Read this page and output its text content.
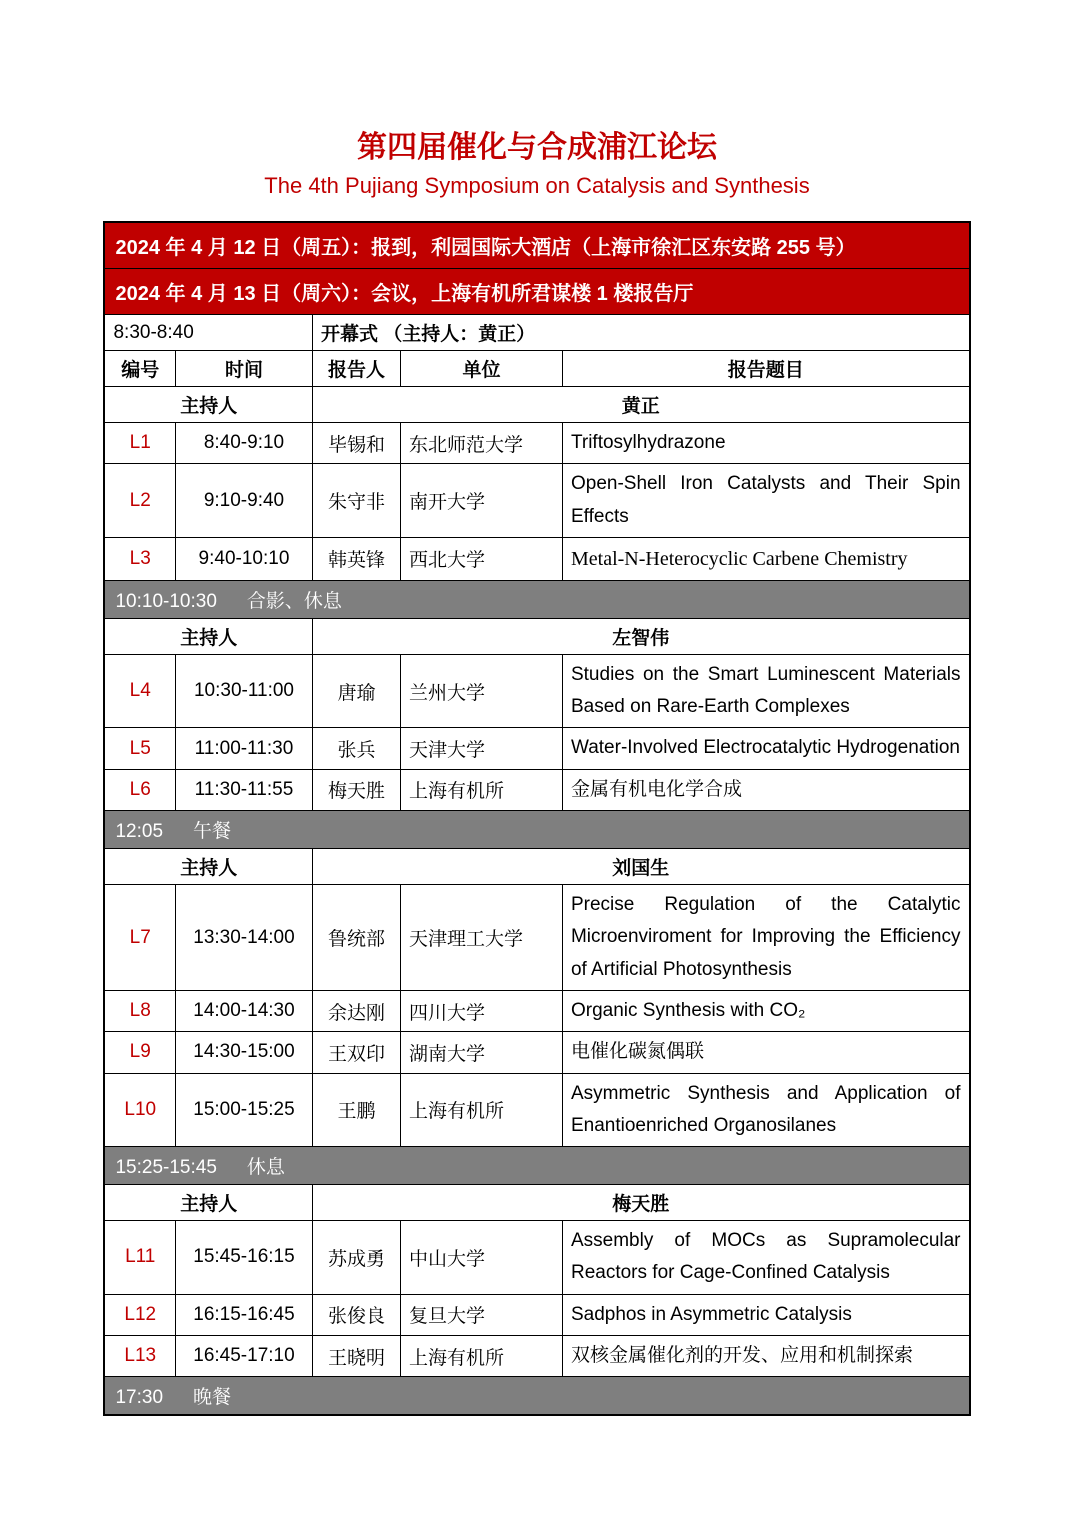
第四届催化与合成浦江论坛
The 4th Pujiang Symposium on Catalysis and Synthesis
2024 年 4 月 12 日（周五）：报到，利园国际大酒店（上海市徐汇区东安路 255 号）				
2024 年 4 月 13 日（周六）：会议，上海有机所君谋楼 1 楼报告厅				
8:30-8:40		开幕式 （主持人：黄正）		
编号	时间	报告人	单位	报告题目
主持人		黄正		
L1	8:40-9:10	毕锡和	东北师范大学	Triftosylhydrazone
L2	9:10-9:40	朱守非	南开大学	Open-Shell Iron Catalysts and Their Spin Effects
L3	9:40-10:10	韩英锋	西北大学	Metal-N-Heterocyclic Carbene Chemistry
10:10-10:30 合影、休息				
主持人		左智伟		
L4	10:30-11:00	唐瑜	兰州大学	Studies on the Smart Luminescent Materials Based on Rare-Earth Complexes
L5	11:00-11:30	张兵	天津大学	Water-Involved Electrocatalytic Hydrogenation
L6	11:30-11:55	梅天胜	上海有机所	金属有机电化学合成
12:05 午餐				
主持人		刘国生		
L7	13:30-14:00	鲁统部	天津理工大学	Precise Regulation of the Catalytic Microenviroment for Improving the Efficiency of Artificial Photosynthesis
L8	14:00-14:30	余达刚	四川大学	Organic Synthesis with CO₂
L9	14:30-15:00	王双印	湖南大学	电催化碳氮偶联
L10	15:00-15:25	王鹏	上海有机所	Asymmetric Synthesis and Application of Enantioenriched Organosilanes
15:25-15:45 休息				
主持人		梅天胜		
L11	15:45-16:15	苏成勇	中山大学	Assembly of MOCs as Supramolecular Reactors for Cage-Confined Catalysis
L12	16:15-16:45	张俊良	复旦大学	Sadphos in Asymmetric Catalysis
L13	16:45-17:10	王晓明	上海有机所	双核金属催化剂的开发、应用和机制探索
17:30 晚餐				
